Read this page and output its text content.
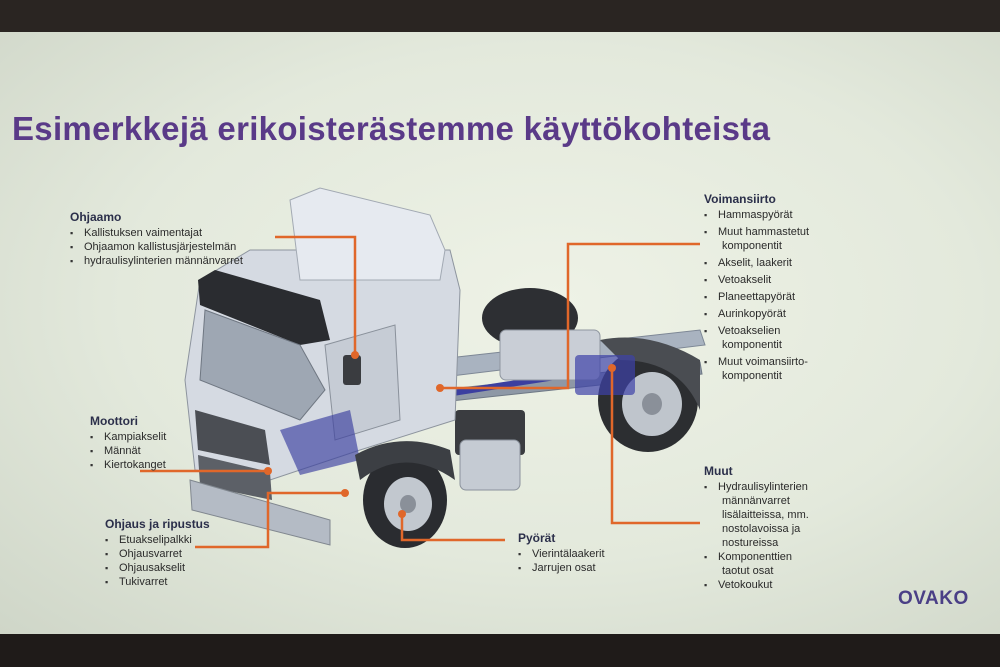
Esimerkkejä erikoisterästemme käyttökohteista
Ohjaamo
▪ Kallistuksen vaimentajat
▪ Ohjaamon kallistusjärjestelmän
▪ hydraulisylinterien männänvarret
Moottori
▪ Kampiakselit
▪ Männät
▪ Kiertokanget
Ohjaus ja ripustus
▪ Etuakselipalkki
▪ Ohjausvarret
▪ Ohjausakselit
▪ Tukivarret
Pyörät
▪ Vierintälaakerit
▪ Jarrujen osat
Voimansiirto
▪ Hammaspyörät
▪ Muut hammastetut
komponentit
▪ Akselit, laakerit
▪ Vetoakselit
▪ Planeettapyörät
▪ Aurinkopyörät
▪ Vetoakselien
komponentit
▪ Muut voimansiirto-
komponentit
Muut
▪ Hydraulisylinterien
männänvarret
lisälaitteissa, mm.
nostolavoissa ja
nostureissa
▪ Komponenttien
taotut osat
▪ Vetokoukut
OVAKO
